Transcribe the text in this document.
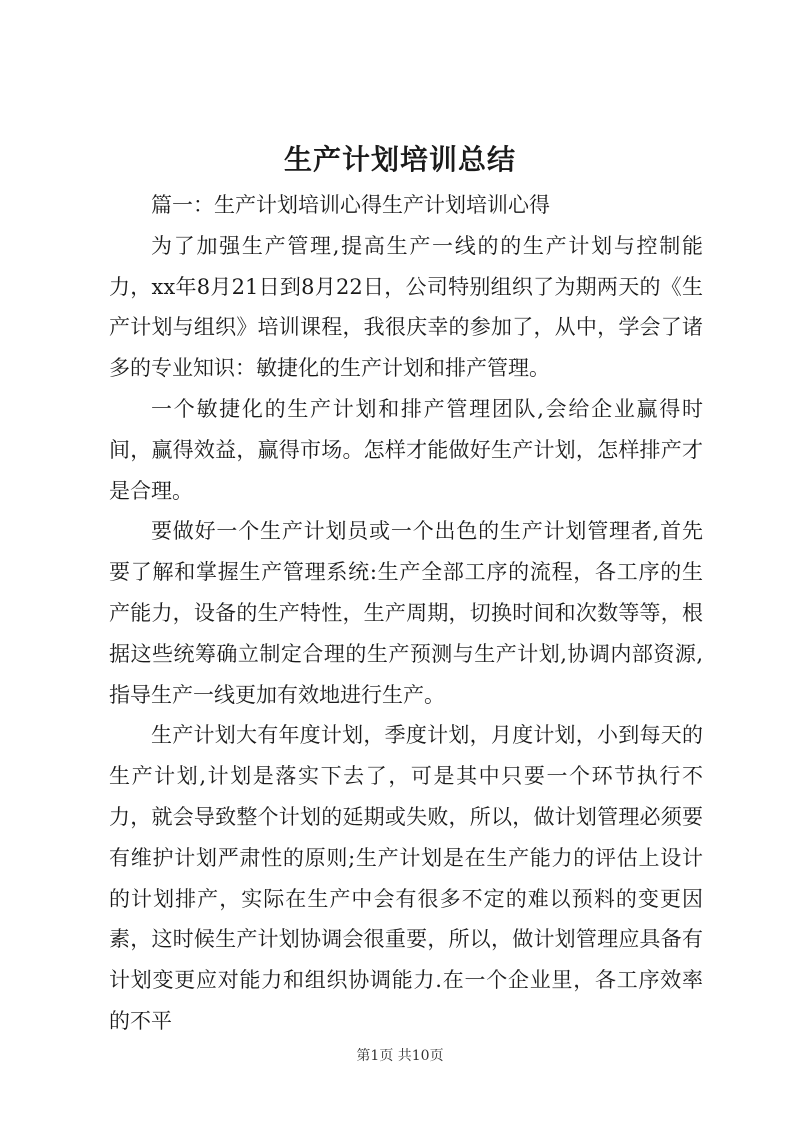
生产计划培训总结

篇一：生产计划培训心得生产计划培训心得

为了加强生产管理,提高生产一线的的生产计划与控制能力，xx年8月21日到8月22日，公司特别组织了为期两天的《生产计划与组织》培训课程，我很庆幸的参加了，从中，学会了诸多的专业知识：敏捷化的生产计划和排产管理。

一个敏捷化的生产计划和排产管理团队,会给企业赢得时间，赢得效益，赢得市场。怎样才能做好生产计划，怎样排产才是合理。

要做好一个生产计划员或一个出色的生产计划管理者,首先要了解和掌握生产管理系统:生产全部工序的流程，各工序的生产能力，设备的生产特性，生产周期，切换时间和次数等等，根据这些统筹确立制定合理的生产预测与生产计划,协调内部资源,指导生产一线更加有效地进行生产。

生产计划大有年度计划，季度计划，月度计划，小到每天的生产计划,计划是落实下去了，可是其中只要一个环节执行不力，就会导致整个计划的延期或失败，所以，做计划管理必须要有维护计划严肃性的原则;生产计划是在生产能力的评估上设计的计划排产，实际在生产中会有很多不定的难以预料的变更因素，这时候生产计划协调会很重要，所以，做计划管理应具备有计划变更应对能力和组织协调能力.在一个企业里，各工序效率的不平

第1页 共10页
